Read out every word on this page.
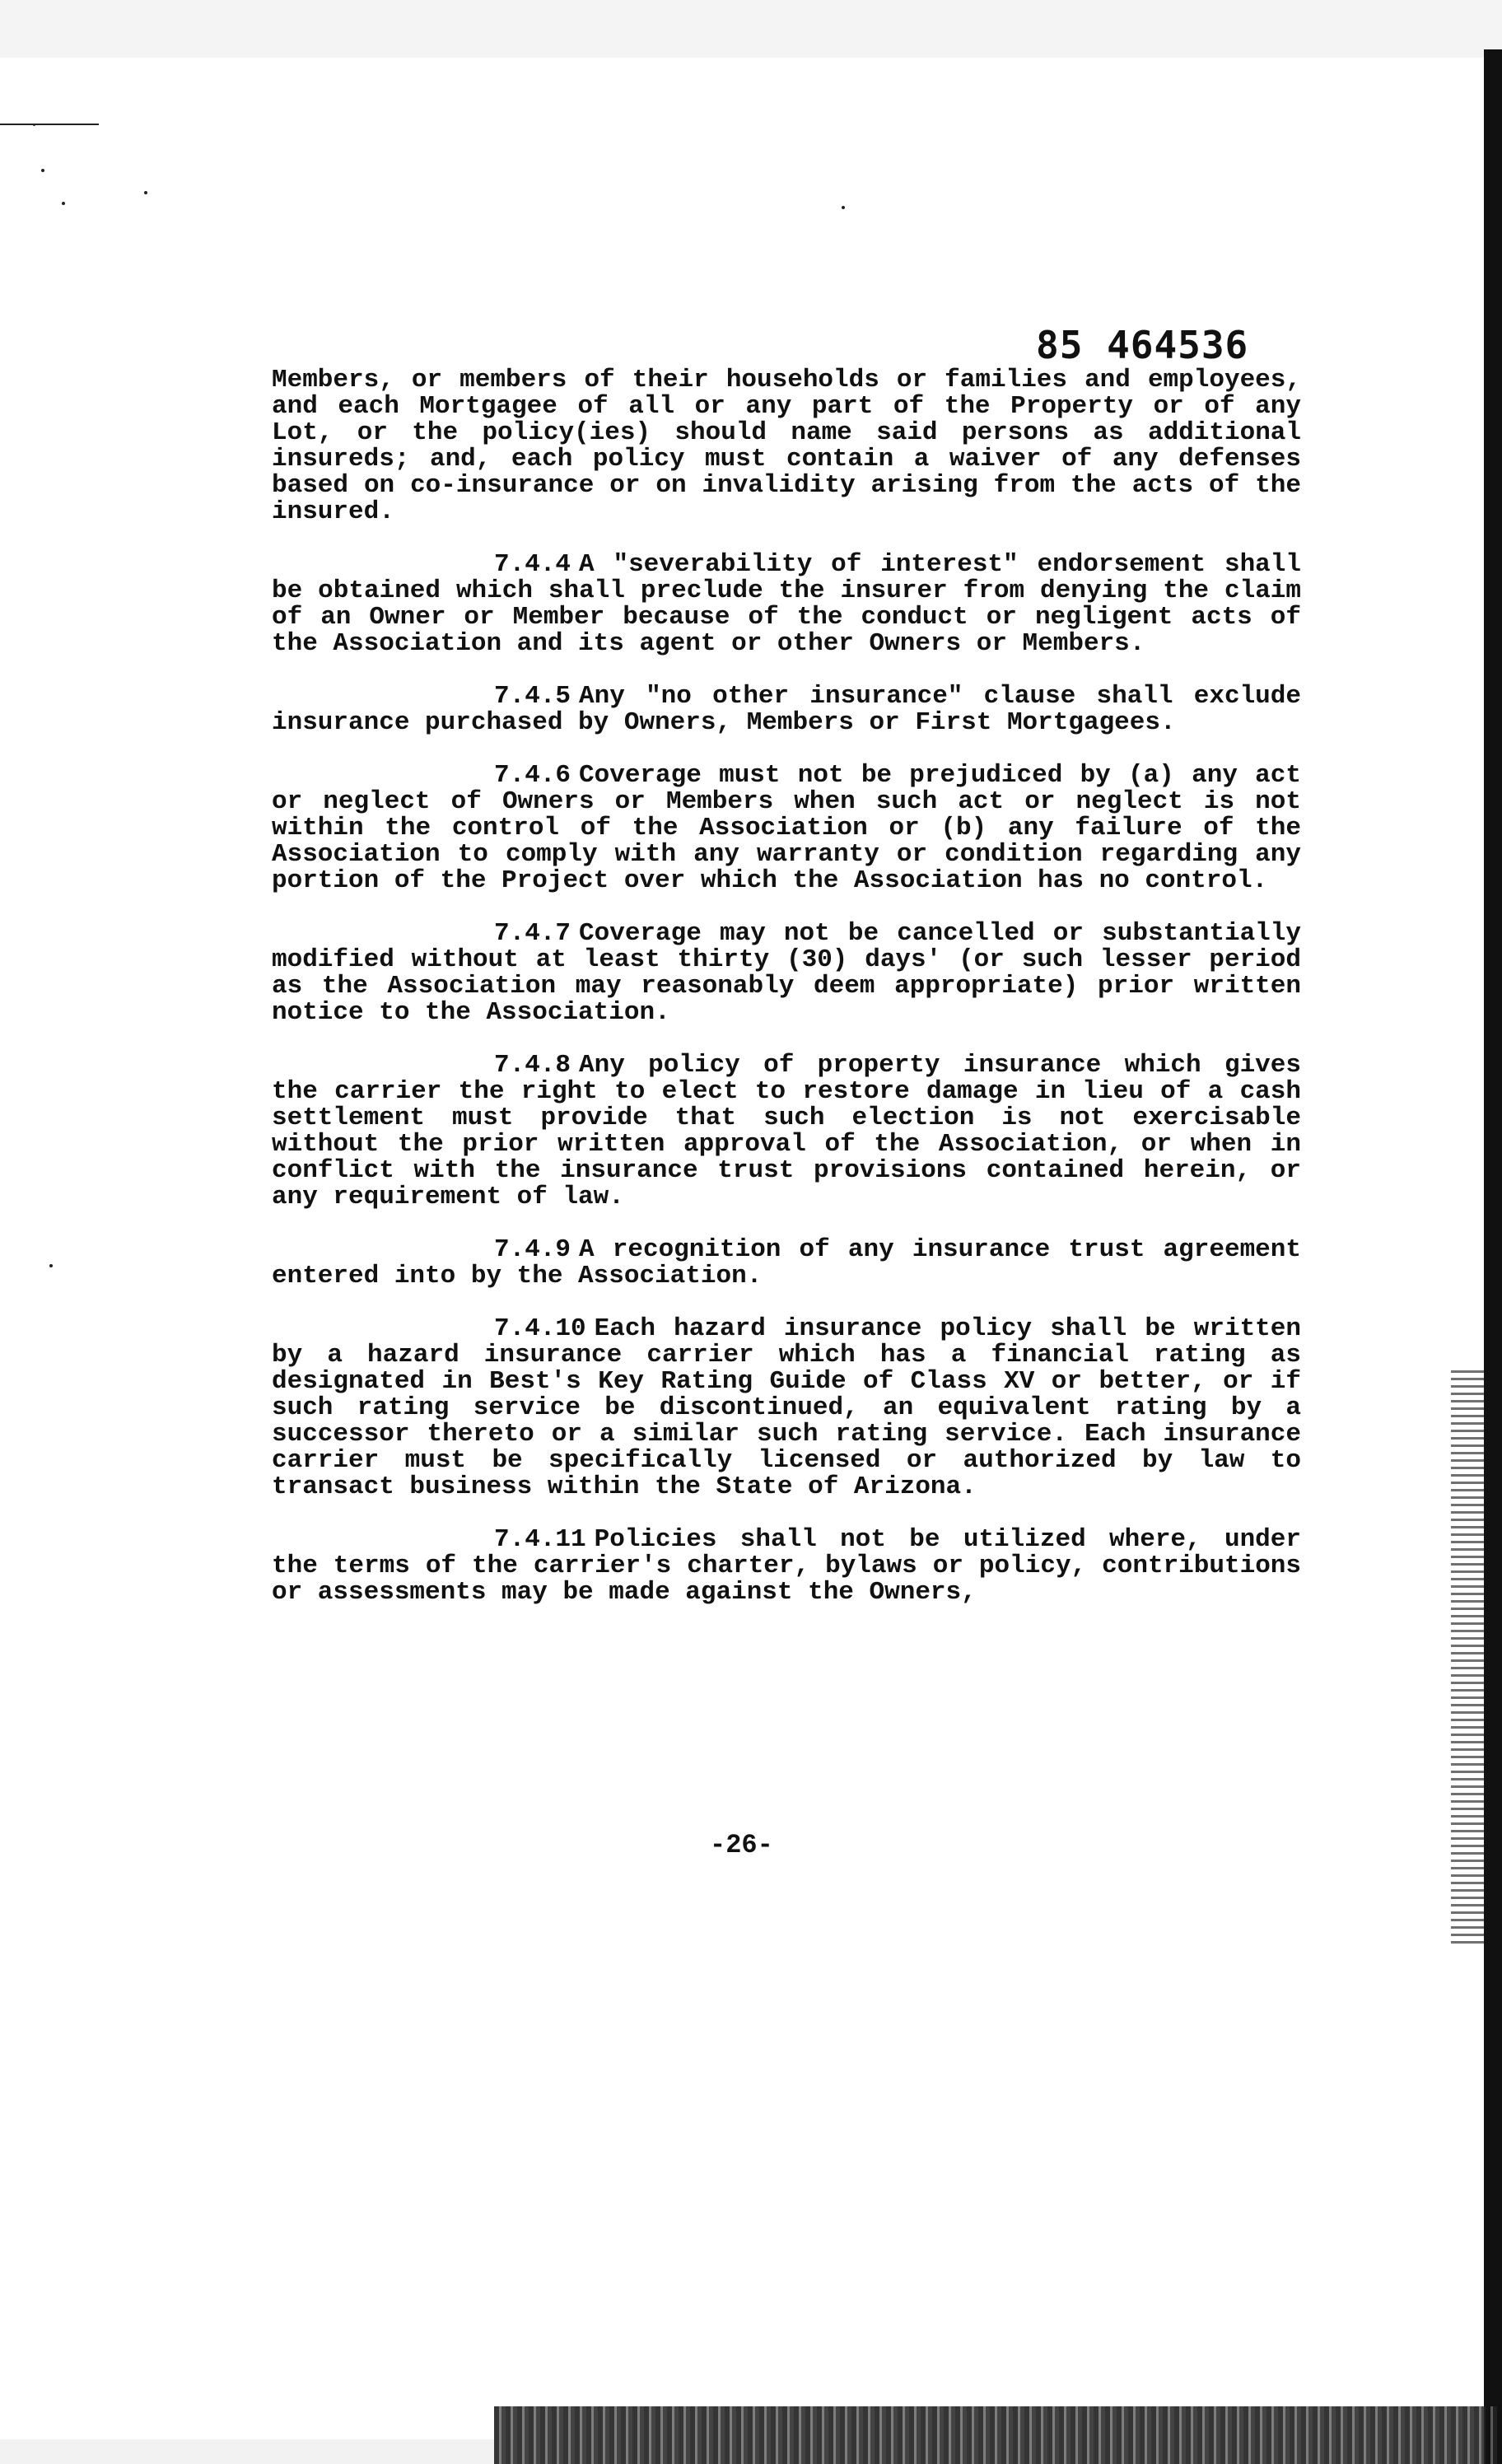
85 464536

Members, or members of their households or families and employees, and each Mortgagee of all or any part of the Property or of any Lot, or the policy(ies) should name said persons as additional insureds; and, each policy must contain a waiver of any defenses based on co-insurance or on invalidity arising from the acts of the insured.

7.4.4 A "severability of interest" endorsement shall be obtained which shall preclude the insurer from denying the claim of an Owner or Member because of the conduct or negligent acts of the Association and its agent or other Owners or Members.

7.4.5 Any "no other insurance" clause shall exclude insurance purchased by Owners, Members or First Mortgagees.

7.4.6 Coverage must not be prejudiced by (a) any act or neglect of Owners or Members when such act or neglect is not within the control of the Association or (b) any failure of the Association to comply with any warranty or condition regarding any portion of the Project over which the Association has no control.

7.4.7 Coverage may not be cancelled or substantially modified without at least thirty (30) days' (or such lesser period as the Association may reasonably deem appropriate) prior written notice to the Association.

7.4.8 Any policy of property insurance which gives the carrier the right to elect to restore damage in lieu of a cash settlement must provide that such election is not exercisable without the prior written approval of the Association, or when in conflict with the insurance trust provisions contained herein, or any requirement of law.

7.4.9 A recognition of any insurance trust agreement entered into by the Association.

7.4.10 Each hazard insurance policy shall be written by a hazard insurance carrier which has a financial rating as designated in Best's Key Rating Guide of Class XV or better, or if such rating service be discontinued, an equivalent rating by a successor thereto or a similar such rating service. Each insurance carrier must be specifically licensed or authorized by law to transact business within the State of Arizona.

7.4.11 Policies shall not be utilized where, under the terms of the carrier's charter, bylaws or policy, contributions or assessments may be made against the Owners,

-26-
